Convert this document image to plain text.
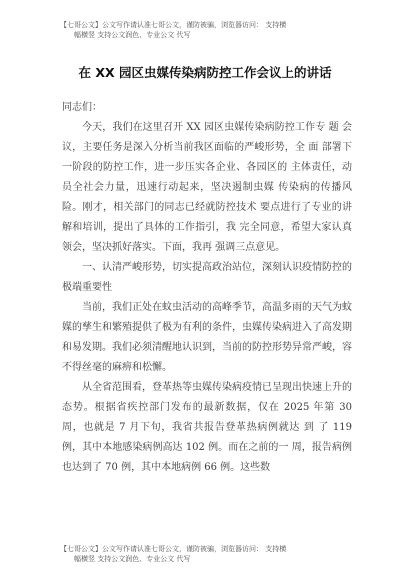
【七哥公文】公文写作请认准七哥公文，谨防被骗，浏览器访问： 支持横
幅横竖 支持公文润色、专业公文 代写
在 XX 园区虫媒传染病防控工作会议上的讲话

同志们：

今天，我们在这里召开 XX 园区虫媒传染病防控工作专 题 会议，主要任务是深入分析当前我区面临的严峻形势，全 面 部署下一阶段的防控工作，进一步压实各企业、各园区的 主体责任，动员全社会力量，迅速行动起来，坚决遏制虫媒 传染病的传播风险。刚才，相关部门的同志已经就防控技术 要点进行了专业的讲解和培训，提出了具体的工作指引，我 完全同意，希望大家认真领会，坚决抓好落实。下面，我再 强调三点意见。

一、认清严峻形势，切实提高政治站位，深刻认识疫情防控的极端重要性

当前，我们正处在蚊虫活动的高峰季节，高温多雨的天气为蚊媒的孳生和繁殖提供了极为有利的条件，虫媒传染病进入了高发期和易发期。我们必须清醒地认识到，当前的防控形势异常严峻，容不得丝毫的麻痹和松懈。

从全省范围看，登革热等虫媒传染病疫情已呈现出快速上升的态势。根据省疾控部门发布的最新数据，仅在 2025 年第 30 周，也就是 7 月下旬，我省共报告登革热病例就达 到 了 119 例，其中本地感染病例高达 102 例。而在之前的一 周，报告病例也达到了 70 例，其中本地病例 66 例。这些数

【七哥公文】公文写作请认准七哥公文，谨防被骗，浏览器访问： 支持横
幅横竖 支持公文润色、专业公文 代写
